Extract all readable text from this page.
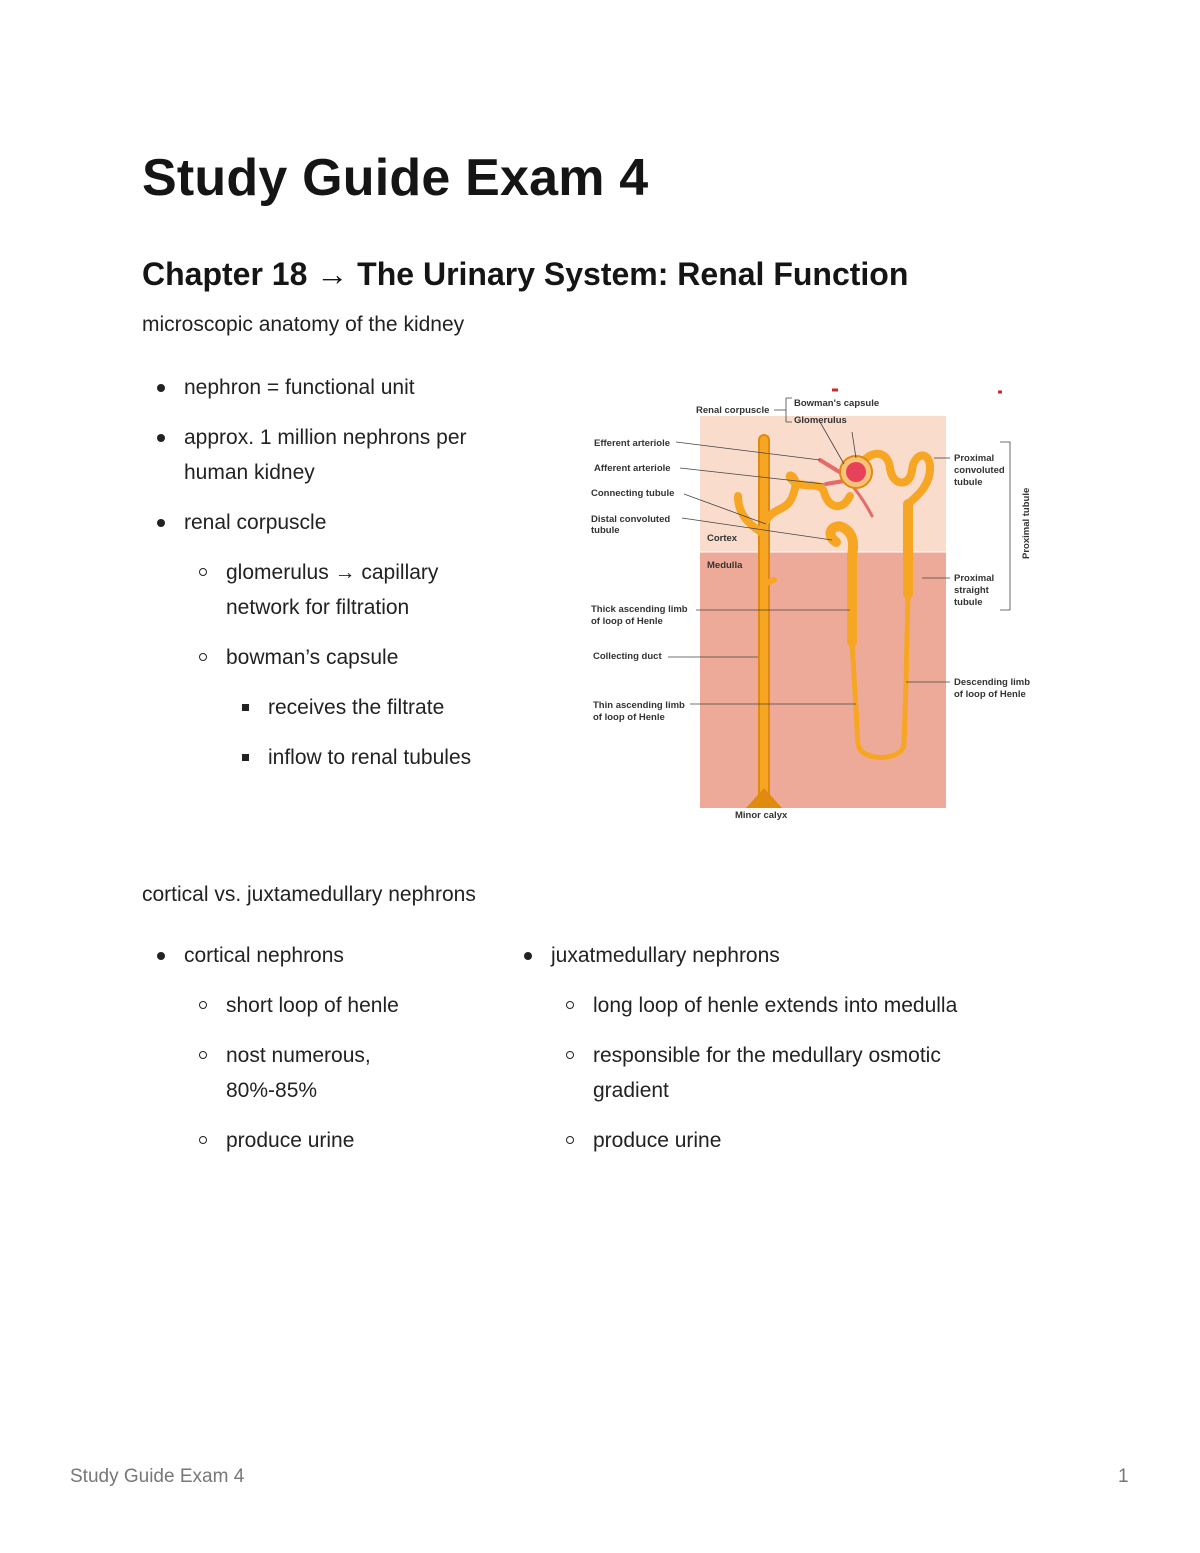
Study Guide Exam 4
Chapter 18 → The Urinary System: Renal Function

microscopic anatomy of the kidney

nephron = functional unit
approx. 1 million nephrons per
human kidney
renal corpuscle
glomerulus → capillary
network for filtration
bowman’s capsule
receives the filtrate
inflow to renal tubules
Renal corpuscle
Bowman's capsule
Glomerulus
Efferent arteriole
Afferent arteriole
Connecting tubule
Distal convoluted
tubule
Cortex
Medulla
Thick ascending limb
of loop of Henle
Collecting duct
Thin ascending limb
of loop of Henle
Minor calyx
Proximal
convoluted
tubule
Proximal
straight
tubule
Descending limb
of loop of Henle
Proximal tubule

cortical vs. juxtamedullary nephrons

cortical nephrons
short loop of henle
nost numerous,
80%-85%
produce urine
juxatmedullary nephrons
long loop of henle extends into medulla
responsible for the medullary osmotic
gradient
produce urine
Study Guide Exam 4	1
